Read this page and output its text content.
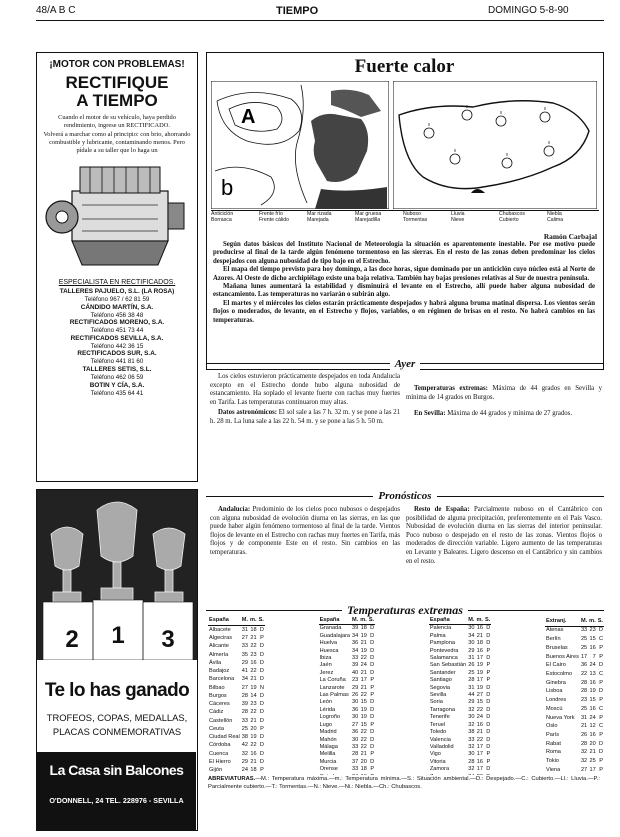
48/A B C	TIEMPO	DOMINGO 5-8-90
¡MOTOR CON PROBLEMAS!
RECTIFIQUE
A TIEMPO
Cuando el motor de su vehículo, haya perdido rendimiento, ingrese un RECTIFICADO.
Volverá a marchar como al principio: con brio, ahorrando combustible y lubricante, contaminando menos. Pero pídale a su taller que lo haga un
ESPECIALISTA EN RECTIFICADOS.
TALLERES PAJUELO, S.L. (LA ROSA)
Teléfono 967 / 62 81 59
CÁNDIDO MARTÍN, S.A.
Teléfono 456 38 48
RECTIFICADOS MORENO, S.A.
Teléfono 451 73 44
RECTIFICADOS SEVILLA, S.A.
Teléfono 442 36 15
RECTIFICADOS SUR, S.A.
Teléfono 441 81 60
TALLERES SETIS, S.L.
Teléfono 462 06 59
BOTIN Y CÍA, S.A.
Teléfono 435 64 41
2	1	3
Te lo has ganado
TROFEOS, COPAS, MEDALLAS,
PLACAS CONMEMORATIVAS
La Casa sin Balcones
O'DONNELL, 24 TEL. 228976 - SEVILLA
Fuerte calor
A
b
Anticiclón	Frente frío	Mar rizada	Mar gruesa	Nuboso	Lluvia	Chubascos	Niebla
Borrasca	Frente cálido	Marejada	Marejadilla	Tormentas	Nieve	Cubierto	Calima
Ramón Carbajal

Según datos básicos del Instituto Nacional de Meteorología la situación es aparentemente inestable. Por ese motivo puede producirse al final de la tarde algún fenómeno tormentoso en las sierras. En el resto de las zonas deben predominar los cielos despejados con alguna nubosidad de tipo bajo en el Estrecho.

El mapa del tiempo previsto para hoy domingo, a las doce horas, sigue dominado por un anticiclón cuyo núcleo está al Norte de Azores. Al Oeste de dicho archipiélago existe una baja relativa. También hay bajas presiones relativas al Sur de nuestra península.

Mañana lunes aumentará la estabilidad y disminuirá el levante en el Estrecho, allí puede haber alguna nubosidad de estancamiento. Las temperaturas no variarán o subirán algo.

El martes y el miércoles los cielos estarán prácticamente despejados y habrá alguna bruma matinal dispersa. Los vientos serán flojos o moderados, de levante, en el Estrecho y flojos, variables, o en régimen de brisas en el resto. No habrá cambios en las temperaturas.

Ayer

Los cielos estuvieron prácticamente despejados en toda Andalucía excepto en el Estrecho donde hubo alguna nubosidad de estancamiento. Ha soplado el levante fuerte con rachas muy fuertes en Tarifa. Las temperaturas continuaron muy altas.

Datos astronómicos: El sol sale a las 7 h. 32 m. y se pone a las 21 h. 28 m. La luna sale a las 22 h. 54 m. y se pone a las 5 h. 50 m.

Temperaturas extremas: Máxima de 44 grados en Sevilla y mínima de 14 grados en Burgos.

En Sevilla: Máxima de 44 grados y mínima de 27 grados.

Pronósticos

Andalucía: Predominio de los cielos poco nubosos o despejados con alguna nubosidad de evolución diurna en las sierras, en las que puede haber algún fenómeno tormentoso al final de la tarde. Vientos flojos de levante en el Estrecho con rachas muy fuertes en Tarifa, más flojos y de componente Este en el resto. Sin cambios en las temperaturas.

Resto de España: Parcialmente nuboso en el Cantábrico con posibilidad de alguna precipitación, preferentemente en el País Vasco. Nubosidad de evolución diurna en las sierras del interior peninsular. Poco nuboso o despejado en el resto de las zonas. Vientos flojos o moderados de dirección variable. Ligero aumento de las temperaturas en Levante y Baleares. Ligero descenso en el Cantábrico y sin cambios en el resto.

Temperaturas extremas
España	M.	m.	S.
Albacete	31	18	D
Algeciras	27	21	P
Alicante	33	22	D
Almería	35	23	D
Ávila	29	16	D
Badajoz	41	22	D
Barcelona	34	21	D
Bilbao	27	19	N
Burgos	28	14	D
Cáceres	39	23	D
Cádiz	28	22	D
Castellón	33	21	D
Ceuta	25	20	P
Ciudad Real	38	19	D
Córdoba	42	22	D
Cuenca	32	16	D
El Hierro	29	21	D
Gijón	24	18	P
España	M.	m.	S.
Granada	39	18	D
Guadalajara	34	19	D
Huelva	36	21	D
Huesca	34	19	D
Ibiza	33	22	D
Jaén	39	24	D
Jerez	40	21	D
La Coruña	23	17	P
Lanzarote	29	21	P
Las Palmas	26	22	P
León	30	15	D
Lérida	36	19	D
Logroño	30	19	D
Lugo	27	15	P
Madrid	36	22	D
Mahón	30	22	D
Málaga	33	22	D
Melilla	28	21	P
Murcia	37	20	D
Orense	33	18	P

España	M.	m.	S.
Palencia	30	16	D
Palma	34	21	D
Pamplona	30	18	D
Pontevedra	29	16	P
Salamanca	31	17	D
San Sebastián	26	19	P
Santander	25	19	P
Santiago	28	17	P
Segovia	31	19	D
Sevilla	44	27	D
Soria	29	15	D
Tarragona	32	22	D
Tenerife	30	24	D
Teruel	32	16	D
Toledo	38	21	D
Valencia	33	22	D
Valladolid	32	17	D
Vigo	30	17	P
Vitoria	28	16	P
Zamora	32	17	D

Extranj.	M.	m.	S.
Atenas	33	23	D
Berlín	25	15	C
Bruselas	25	16	P
Buenos Aires	17	7	P
El Cairo	36	24	D
Estocolmo	22	13	C
Ginebra	28	16	P
Lisboa	28	19	D
Londres	23	15	P
Moscú	25	16	C
Nueva York	31	24	P
Oslo	21	12	C
París	26	16	P
Rabat	28	20	D
Roma	32	21	D
Tokio	32	25	P
Viena	27	17	P
ABREVIATURAS.—M.: Temperatura máxima.—m.: Temperatura mínima.—S.: Situación ambiental.—D.: Despejado.—C.: Cubierto.—Ll.: Lluvia.—P.: Parcialmente cubierto.—T.: Tormentas.—N.: Nieve.—Ni.: Niebla.—Ch.: Chubascos.
